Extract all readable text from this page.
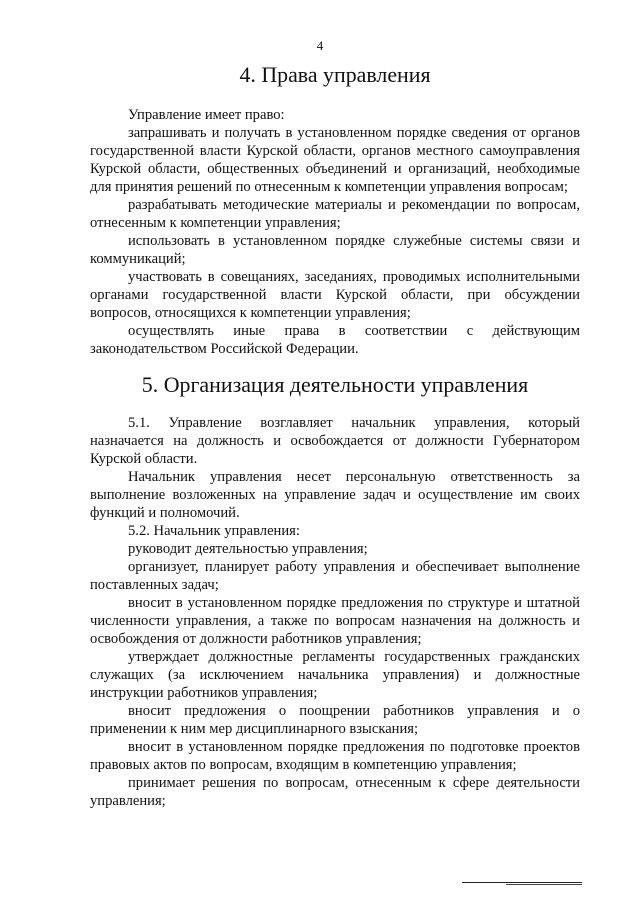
4
4. Права управления

Управление имеет право:

запрашивать и получать в установленном порядке сведения от органов государственной власти Курской области, органов местного самоуправления Курской области, общественных объединений и организаций, необходимые для принятия решений по отнесенным к компетенции управления вопросам;

разрабатывать методические материалы и рекомендации по вопросам, отнесенным к компетенции управления;

использовать в установленном порядке служебные системы связи и коммуникаций;

участвовать в совещаниях, заседаниях, проводимых исполнительными органами государственной власти Курской области, при обсуждении вопросов, относящихся к компетенции управления;

осуществлять иные права в соответствии с действующим законодательством Российской Федерации.

5. Организация деятельности управления

5.1. Управление возглавляет начальник управления, который назначается на должность и освобождается от должности Губернатором Курской области.

Начальник управления несет персональную ответственность за выполнение возложенных на управление задач и осуществление им своих функций и полномочий.

5.2. Начальник управления:

руководит деятельностью управления;

организует, планирует работу управления и обеспечивает выполнение поставленных задач;

вносит в установленном порядке предложения по структуре и штатной численности управления, а также по вопросам назначения на должность и освобождения от должности работников управления;

утверждает должностные регламенты государственных гражданских служащих (за исключением начальника управления) и должностные инструкции работников управления;

вносит предложения о поощрении работников управления и о применении к ним мер дисциплинарного взыскания;

вносит в установленном порядке предложения по подготовке проектов правовых актов по вопросам, входящим в компетенцию управления;

принимает решения по вопросам, отнесенным к сфере деятельности управления;
